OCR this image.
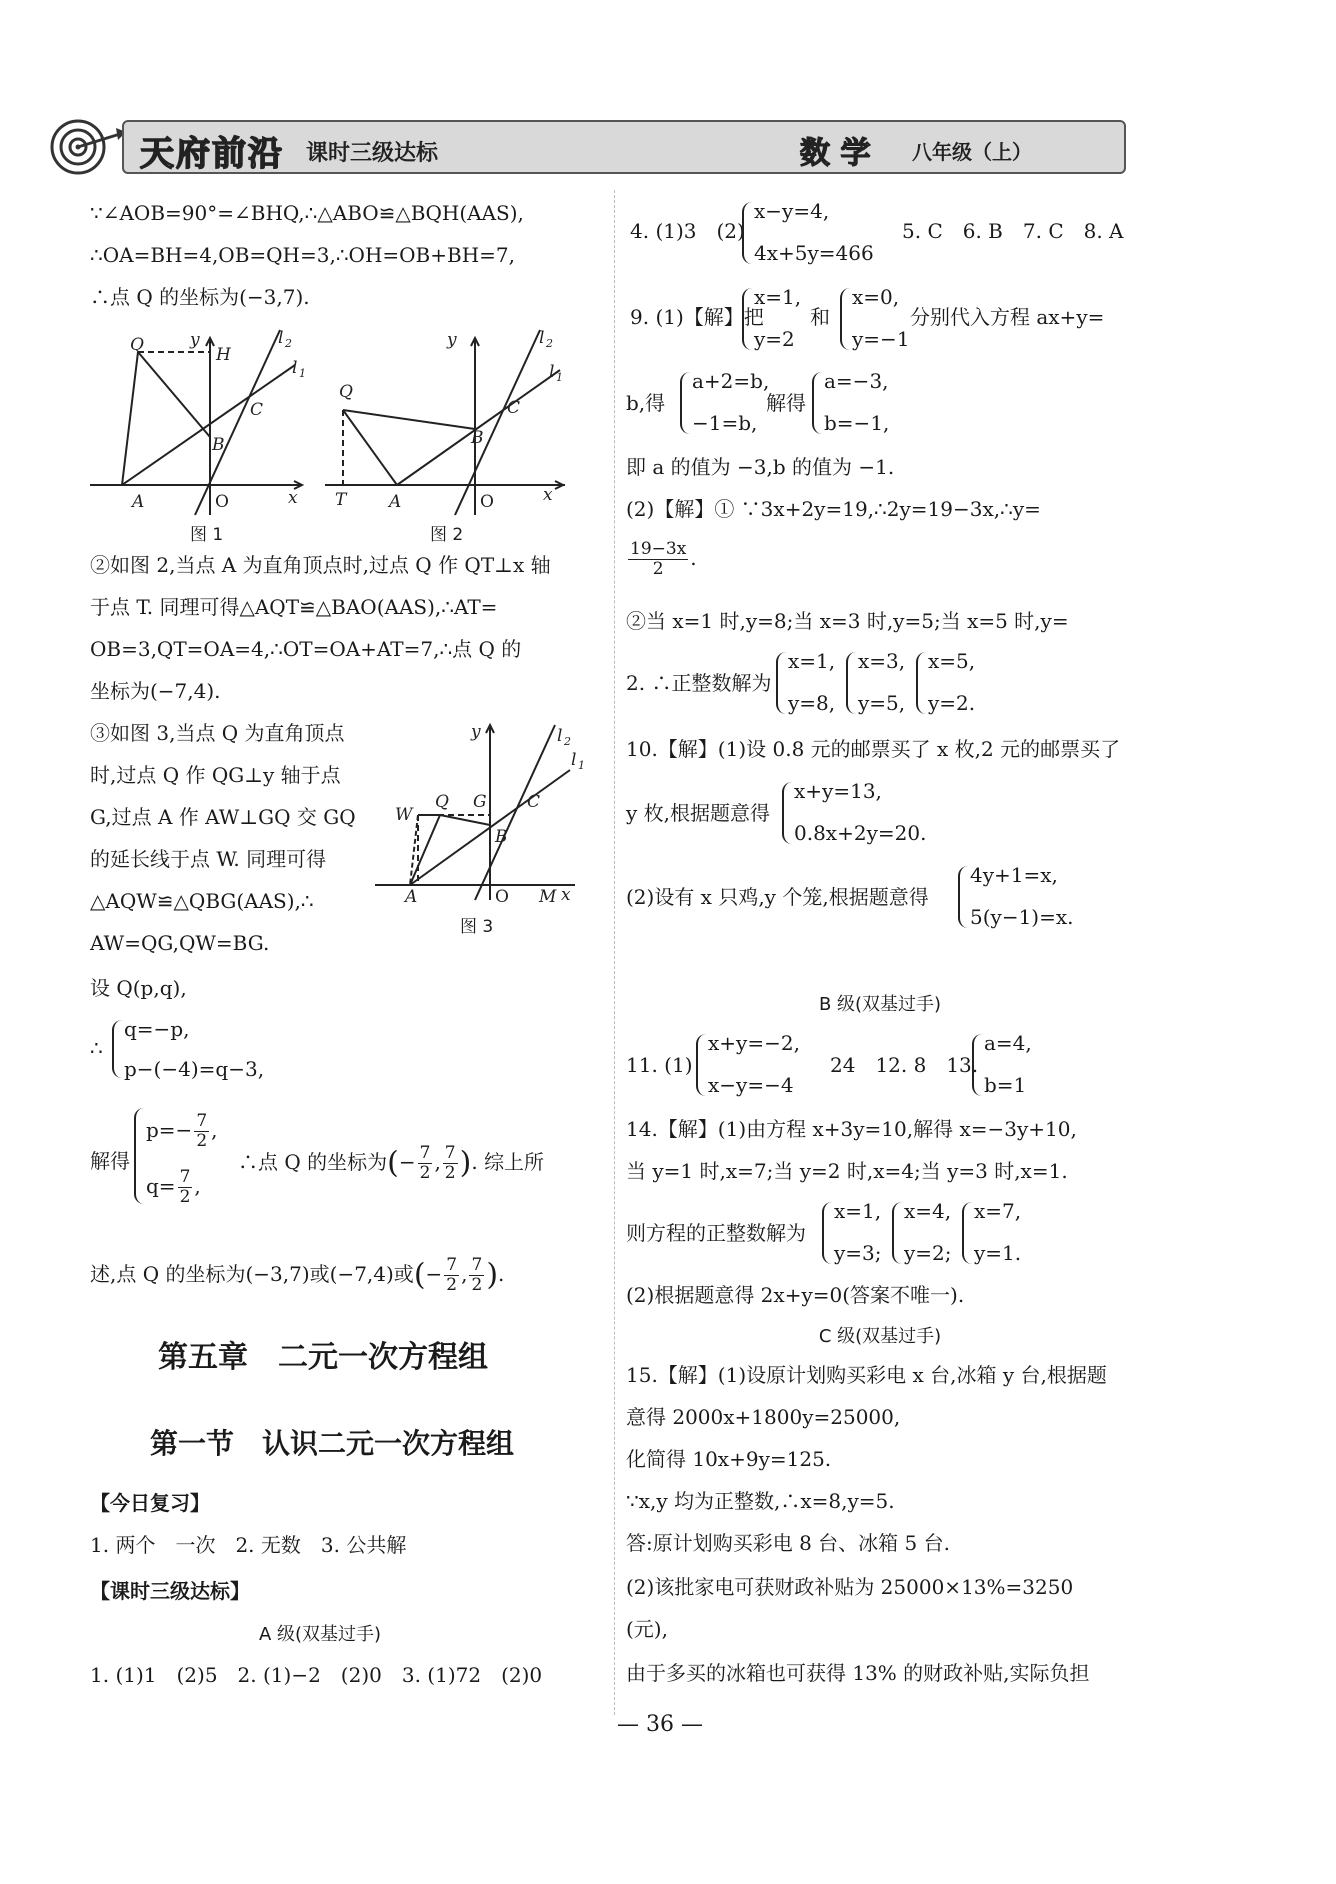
天府前沿 课时三级达标	数 学 八年级（上）
∵∠AOB=90°=∠BHQ,∴△ABO≌△BQH(AAS),
∴OA=BH=4,OB=QH=3,∴OH=OB+BH=7,
∴点 Q 的坐标为(−3,7).
Q	y
H
l 2
l 1
C
B
A	O	x
图 1
Q
y	l 2
l 1
C
B
T	A	O	x
图 2
②如图 2,当点 A 为直角顶点时,过点 Q 作 QT⊥x 轴
于点 T. 同理可得△AQT≌△BAO(AAS),∴AT=
OB=3,QT=OA=4,∴OT=OA+AT=7,∴点 Q 的
坐标为(−7,4).
③如图 3,当点 Q 为直角顶点
时,过点 Q 作 QG⊥y 轴于点
G,过点 A 作 AW⊥GQ 交 GQ
的延长线于点 W. 同理可得
△AQW≌△QBG(AAS),∴
AW=QG,QW=BG.
Q
y
G
W
l 2
l 1
C
B
A	O M x
图 3
设 Q(p,q),
∴
q=−p,
p−(−4)=q−3,
解得
$p=- \frac{7}{2}$ ,
$q= \frac{7}{2}$ ,
∴点 Q 的坐标为(− $\frac{7}{2}$ , $\frac{7}{2}$ ). 综上所
述,点 Q 的坐标为(−3,7)或(−7,4)或(− $\frac{7}{2}$ , $\frac{7}{2}$ ).
第五章　二元一次方程组
第一节　认识二元一次方程组
【今日复习】
1. 两个　一次　2. 无数　3. 公共解
【课时三级达标】
A 级(双基过手)
1. (1)1　(2)5　2. (1)−2　(2)0　3. (1)72　(2)0
4. (1)3　(2)
x−y=4,
4x+5y=466
5. C　6. B　7. C　8. A
9. (1)【解】把
x=1,
y=2
和
x=0,
y=−1
分别代入方程 ax+y=
b,得
a+2=b,
−1=b,
解得
a=−3,
b=−1,
即 a 的值为 −3,b 的值为 −1.
(2)【解】① ∵3x+2y=19,∴2y=19−3x,∴y=
$\frac{19-3x}{2}$ .
②当 x=1 时,y=8;当 x=3 时,y=5;当 x=5 时,y=
2. ∴正整数解为
x=1,
y=8,
x=3,
y=5,
x=5,
y=2.
10.【解】(1)设 0.8 元的邮票买了 x 枚,2 元的邮票买了
y 枚,根据题意得
x+y=13,
0.8x+2y=20.
(2)设有 x 只鸡,y 个笼,根据题意得
4y+1=x,
5(y−1)=x.
B 级(双基过手)
11. (1)
x+y=−2,
x−y=−4
24　12. 8　13.
a=4,
b=1
14.【解】(1)由方程 x+3y=10,解得 x=−3y+10,
当 y=1 时,x=7;当 y=2 时,x=4;当 y=3 时,x=1.
则方程的正整数解为
x=1,
y=3;
x=4,
y=2;
x=7,
y=1.
(2)根据题意得 2x+y=0(答案不唯一).
C 级(双基过手)
15.【解】(1)设原计划购买彩电 x 台,冰箱 y 台,根据题
意得 2000x+1800y=25000,
化简得 10x+9y=125.
∵x,y 均为正整数,∴x=8,y=5.
答:原计划购买彩电 8 台、冰箱 5 台.
(2)该批家电可获财政补贴为 25000×13%=3250
(元),
由于多买的冰箱也可获得 13% 的财政补贴,实际负担
— 36 —
